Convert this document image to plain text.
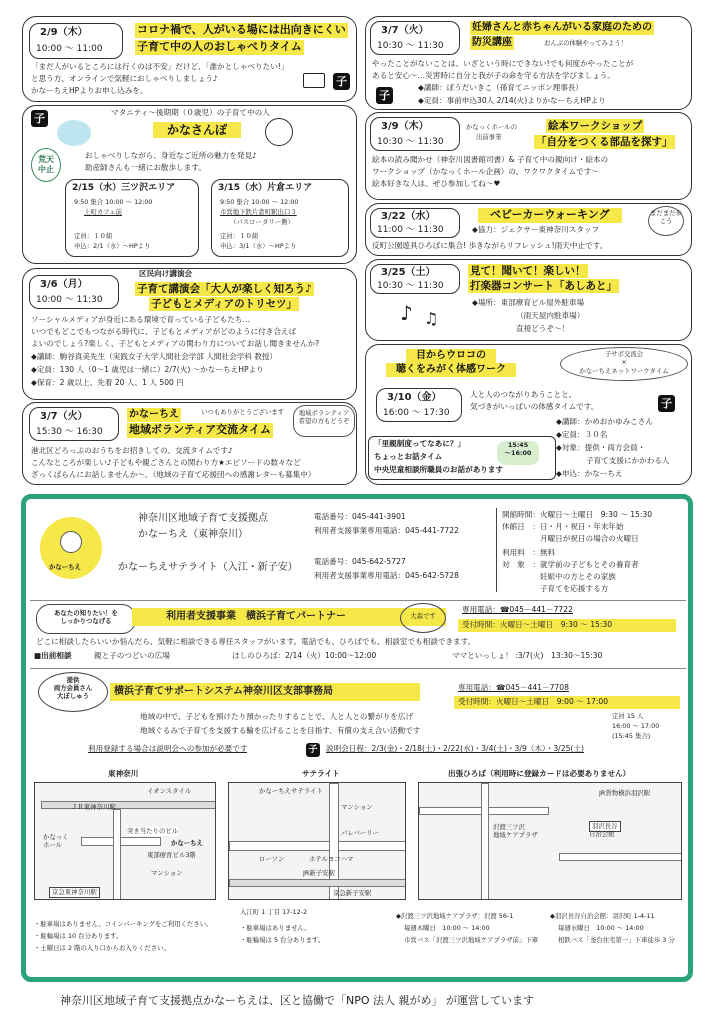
2/9（木）
10:00 ～ 11:00
コロナ禍で、人がいる場には出向きにくい
子育て中の人のおしゃべりタイム
「まだ人がいるところには行くのは不安」だけど、「誰かとしゃべりたい!」
と思う方、オンラインで気軽におしゃべりしましょう♪
かなーちえHPよりお申し込みを。
子
子	マタニティ～後期期（０歳児）の子育て中の人
かなさんぽ
荒天
中止
おしゃべりしながら、身近なご近所の魅力を発見♪
助産師さんも一緒にお散歩します。
2/15（水）三ツ沢エリア
9:50 集合 10:00 ～ 12:00
上町カフェ前
定員：１０組
申込：2/1（水）～HPより
3/15（水）片倉エリア
9:50 集合 10:00 ～ 12:00
市営地下鉄片倉町駅出口３
（パスロータリー側）
定員：１０組
申込：3/1（水）～HPより
3/6（月）
10:00 ～ 11:30
区民向け講演会
子育て講演会「大人が楽しく知ろう♪
子どもとメディアのトリセツ」
ソーシャルメディアが身近にある環境で育っている子どもたち…
いつでもどこでもつながる時代に、子どもとメディアがどのように付き合えば
よいのでしょう?楽しく、子どもとメディアの関わり方についてお話し聞きませんか?
◆講師：駒谷真美先生（実践女子大学人間社会学部 人間社会学科 教授）
◆定員：130 人（0～1 歳児は一緒に）2/7(火) ～かなーちえHPより
◆保育：2 歳以上、先着 20 人、1 人 500 円
3/7（火）
15:30 ～ 16:30
かなーちえ	いつもありがとうございます
地域ボランティア交流タイム
地域ボランティア希望の方もどうぞ
港北区どろっぷのおうちをお招きしての、交流タイムです♪
こんなところが楽しい♪子どもや親ごさんとの関わり方★エピソードの数々など
ざっくばらんにお話しませんか～。（地域の子育て応援団への感謝レターも募集中）
3/7（火）
10:30 ～ 11:30
妊婦さんと赤ちゃんがいる家庭のための
防災講座	おんぶの体験やってみよう！
やったことがないことは、いざという時にできない!でも何度かやったことが
あると安心～…災害時に自分と我が子の命を守る方法を学びましょう。
子
◆講師：ぼうだいきこ（孫育てニッポン理事長）
◆定員：事前申込30人 2/14(火)よりかなーちえHPより
3/9（木）
10:30 ～ 11:30
かなっくホールの
出前事業
絵本ワークショップ
「自分をつくる部品を探す」
絵本の読み聞かせ（神奈川図書館司書）& 子育て中の親向け・絵本の
ワークショップ（かなっくホール企画）の、ワクワクタイムです～
絵本好きな人は、ぜひ参加してね～♥
3/22（水）
11:00 ～ 11:30
ベビーカーウォーキング
◆協力：ジェクサー東神奈川スタッフ
反町公園遊具ひろばに集合! 歩きながらリフレッシュ!雨天中止です。
まだまだ歩こう
3/25（土）
10:30 ～ 11:30
見て！聞いて！楽しい！
打楽器コンサート「あしあと」
♪ ♫
◆場所：東部療育ビル屋外駐車場
（雨天屋内駐車場）
直接どうぞ～！
目からウロコの
聴くをみがく体感ワーク
子サポ交流会
×
かなーちえネットワークタイム
3/10（金）
16:00 ～ 17:30
人と人のつながりあうことと、
気づきがいっぱいの体感タイムです。	子
◆講師：かめおかゆみこさん
◆定員：３０名
◆対象：提供・両方会員・
子育て支援にかかわる人
◆申込：かなーちえ
「里親制度ってなあに？」
ちょっとお話タイム
中央児童相談所職員のお話があります
15:45
～16:00
かなーちえ
神奈川区地域子育て支援拠点
かなーちえ（東神奈川）
電話番号：045-441-3901
利用者支援事業専用電話：045-441-7722
かなーちえサテライト（入江・新子安）
電話番号：045-642-5727
利用者支援事業専用電話：045-642-5728
開館時間：火曜日～土曜日　9:30 ～ 15:30
休館日　：日・月・祝日・年末年始
　　　　　月曜日が祝日の場合の火曜日
利用料　：無料
対　象　：就学前の子どもとその養育者
　　　　　妊娠中の方とその家族
　　　　　子育てを応援する方
あなたの知りたい！を
しっかりつなげる	利用者支援事業　横浜子育てパートナー	大森です
専用電話：☎045－441－7722
受付時間：火曜日～土曜日　9:30 ～ 15:30
どこに相談したらいいか悩んだら、気軽に相談できる専任スタッフがいます。電話でも、ひろばでも、相談室でも相談できます。
■出前相談	親と子のつどいの広場	ほしのひろば：2/14（火）10:00～12:00	ママといっしょ！ :3/7(火)　13:30～15:30
提供
両方会員さん
大ぼしゅう	横浜子育てサポートシステム神奈川区支部事務局	専用電話：☎045－441－7708
受付時間：火曜日～土曜日　9:00 ～ 17:00
地域の中で、子どもを預けたり預かったりすることで、人と人との繋がりを広げ
地域ぐるみで子育てを支援する輪を広げることを目指す、有償の支え合い活動です
定員 15 人
16:00 ～ 17:00
(15:45 集合)
利用登録する場合は説明会への参加が必要です	子	説明会日程：2/3(金)・2/18(土)・2/22(水)・3/4(土)・3/9（木）・3/25(土)
東神奈川	サテライト	出張ひろば（利用時に登録カードは必要ありません）
ＪＲ東神奈川駅
かなっく
ホール
イオンスタイル
突き当たりのビル
かなーちえ
東部療育ビル3階
マンション
京急東神奈川駅
かなーちえサテライト
マンション
ローソン	ホテルヨコハマ
パレバーリー
JR新子安駅
京急新子安駅
沢渡三ツ沢
地域ケアプラザ
羽沢長谷
自治会館
JR貨物横浜羽沢駅
・駐車場はありません。コインパーキングをご利用ください。
・駐輪場は 10 台分あります。
・土曜日は 2 階の入り口からお入りください。
入江町 1 丁目 17-12-2
・駐車場はありません。
・駐輪場は 5 台分あります。
◆沢渡三ツ沢地域ケアプラザ：沢渡 56-1
毎週木曜日　10:00 ～ 14:00
市営バス「沢渡三ツ沢地域ケアプラザ前」下車
◆羽沢長谷自治会館：羽沢町 1-4-11
毎週水曜日　10:00 ～ 14:00
相鉄バス「釜台住宅第一」下車徒歩 3 分
神奈川区地域子育て支援拠点かなーちえは、区と協働で「NPO 法人 親がめ」 が運営しています
